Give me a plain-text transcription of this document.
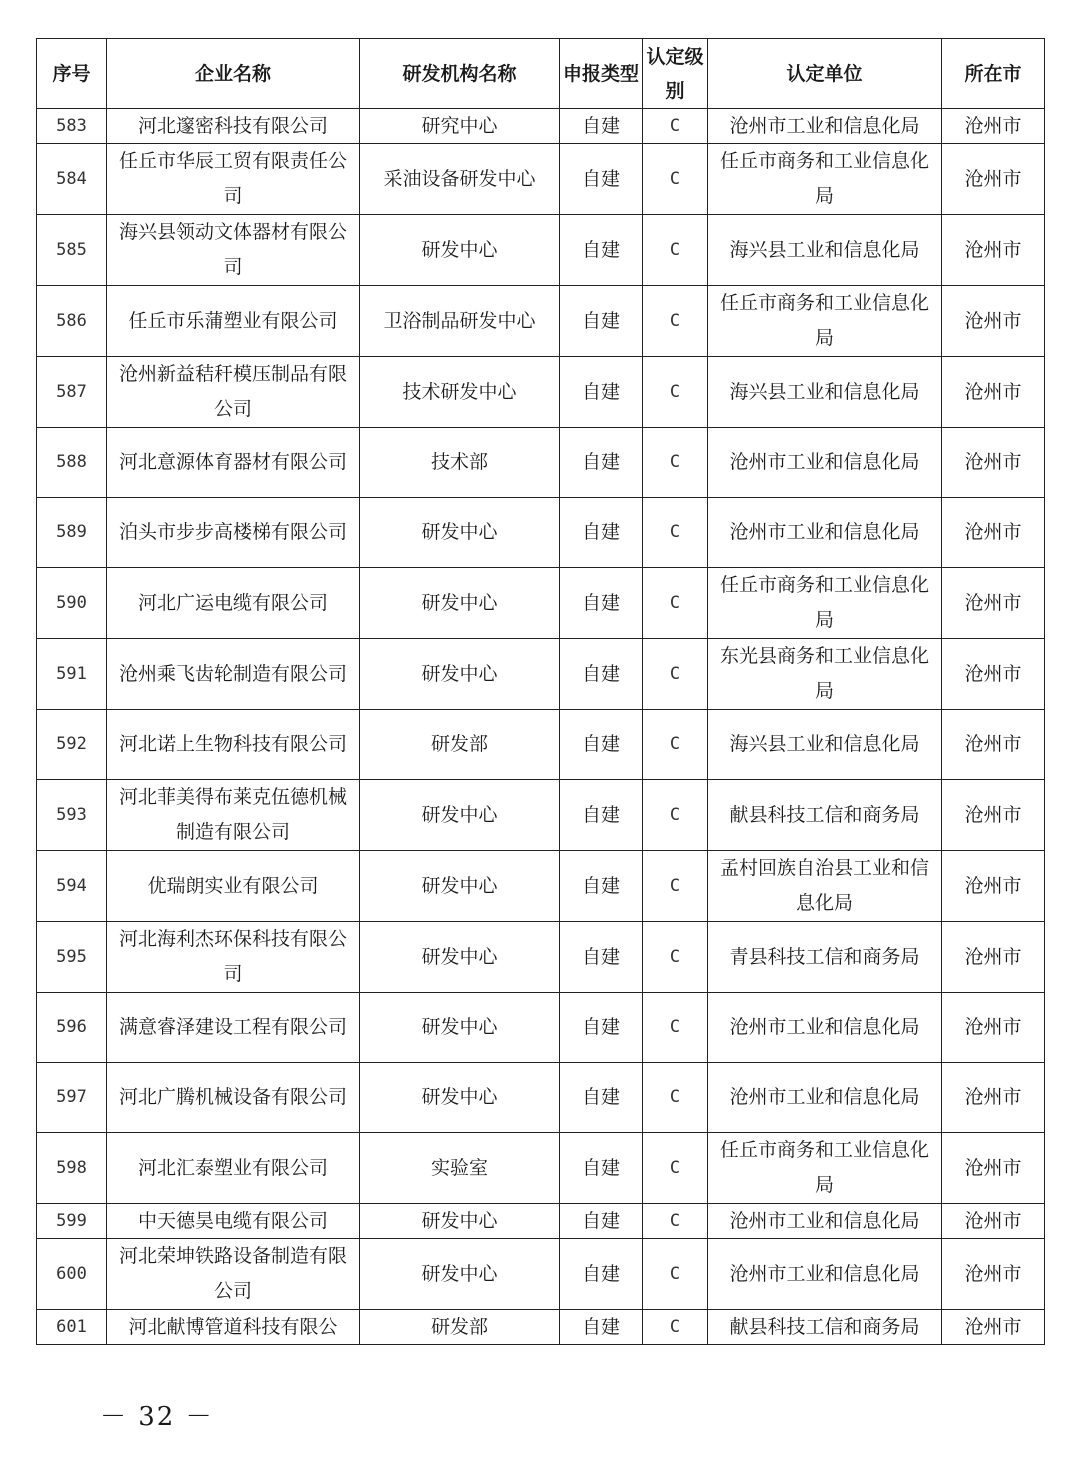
序号	企业名称	研发机构名称	申报类型	认定级别	认定单位	所在市
583	河北邃密科技有限公司	研究中心	自建	C	沧州市工业和信息化局	沧州市
584	任丘市华辰工贸有限责任公司	采油设备研发中心	自建	C	任丘市商务和工业信息化局	沧州市
585	海兴县领动文体器材有限公司	研发中心	自建	C	海兴县工业和信息化局	沧州市
586	任丘市乐蒲塑业有限公司	卫浴制品研发中心	自建	C	任丘市商务和工业信息化局	沧州市
587	沧州新益秸秆模压制品有限公司	技术研发中心	自建	C	海兴县工业和信息化局	沧州市
588	河北意源体育器材有限公司	技术部	自建	C	沧州市工业和信息化局	沧州市
589	泊头市步步高楼梯有限公司	研发中心	自建	C	沧州市工业和信息化局	沧州市
590	河北广运电缆有限公司	研发中心	自建	C	任丘市商务和工业信息化局	沧州市
591	沧州乘飞齿轮制造有限公司	研发中心	自建	C	东光县商务和工业信息化局	沧州市
592	河北诺上生物科技有限公司	研发部	自建	C	海兴县工业和信息化局	沧州市
593	河北菲美得布莱克伍德机械制造有限公司	研发中心	自建	C	献县科技工信和商务局	沧州市
594	优瑞朗实业有限公司	研发中心	自建	C	孟村回族自治县工业和信息化局	沧州市
595	河北海利杰环保科技有限公司	研发中心	自建	C	青县科技工信和商务局	沧州市
596	满意睿泽建设工程有限公司	研发中心	自建	C	沧州市工业和信息化局	沧州市
597	河北广腾机械设备有限公司	研发中心	自建	C	沧州市工业和信息化局	沧州市
598	河北汇泰塑业有限公司	实验室	自建	C	任丘市商务和工业信息化局	沧州市
599	中天德昊电缆有限公司	研发中心	自建	C	沧州市工业和信息化局	沧州市
600	河北荣坤铁路设备制造有限公司	研发中心	自建	C	沧州市工业和信息化局	沧州市
601	河北献博管道科技有限公	研发部	自建	C	献县科技工信和商务局	沧州市
－ 32 －
